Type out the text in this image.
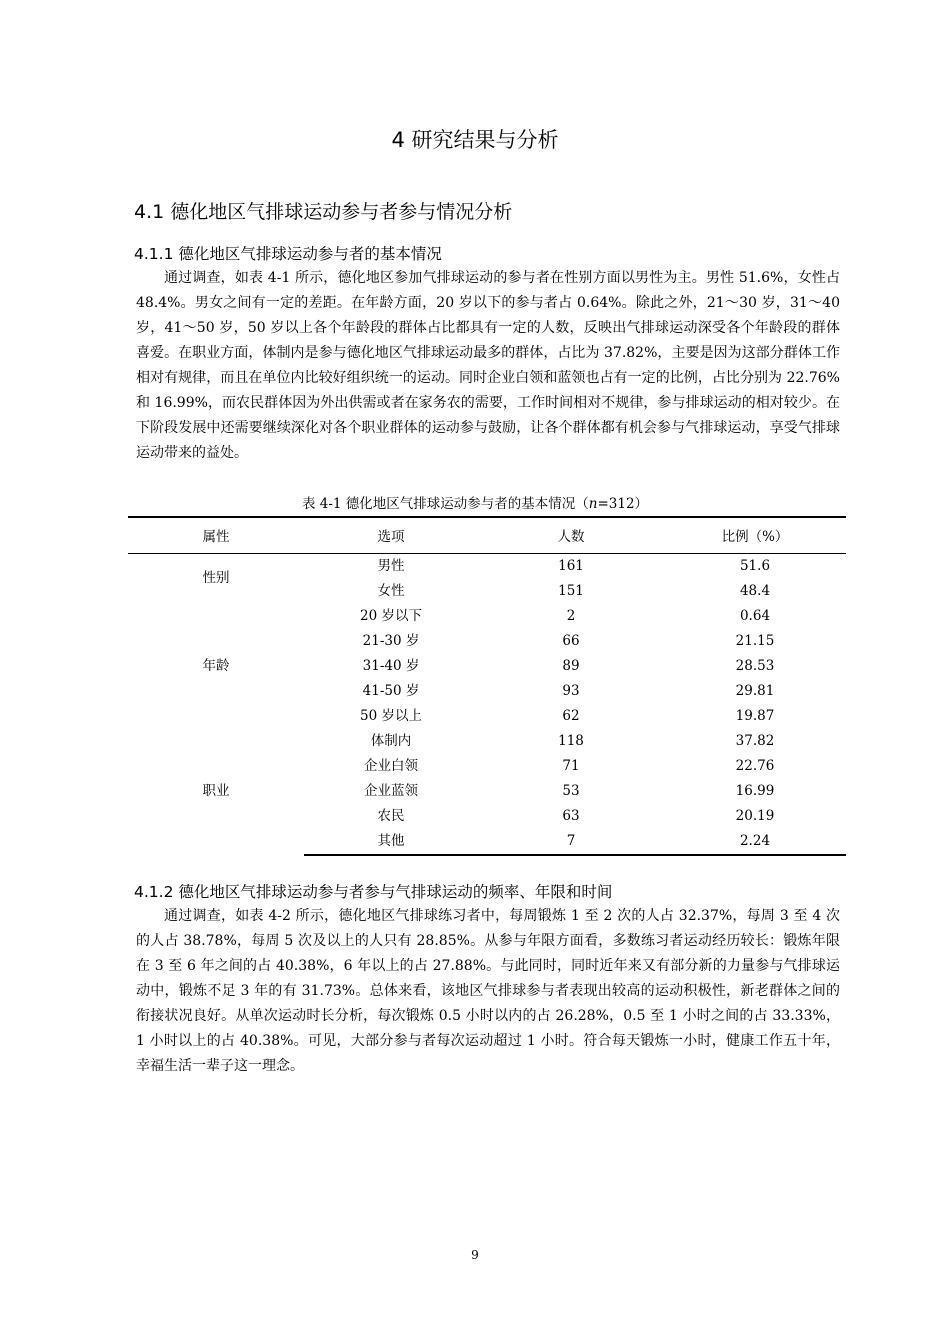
4 研究结果与分析
4.1 德化地区气排球运动参与者参与情况分析
4.1.1 德化地区气排球运动参与者的基本情况
通过调查，如表 4-1 所示，德化地区参加气排球运动的参与者在性别方面以男性为主。男性 51.6%，女性占 48.4%。男女之间有一定的差距。在年龄方面，20 岁以下的参与者占 0.64%。除此之外，21～30 岁，31～40 岁，41～50 岁，50 岁以上各个年龄段的群体占比都具有一定的人数，反映出气排球运动深受各个年龄段的群体喜爱。在职业方面，体制内是参与德化地区气排球运动最多的群体，占比为 37.82%，主要是因为这部分群体工作相对有规律，而且在单位内比较好组织统一的运动。同时企业白领和蓝领也占有一定的比例，占比分别为 22.76%和 16.99%，而农民群体因为外出供需或者在家务农的需要，工作时间相对不规律，参与排球运动的相对较少。在下阶段发展中还需要继续深化对各个职业群体的运动参与鼓励，让各个群体都有机会参与气排球运动，享受气排球运动带来的益处。
表 4-1 德化地区气排球运动参与者的基本情况（n=312）
属性	选项	人数	比例（%）
性别	男性	161	51.6
	女性	151	48.4
年龄	20 岁以下	2	0.64
	21-30 岁	66	21.15
	31-40 岁	89	28.53
	41-50 岁	93	29.81
	50 岁以上	62	19.87
职业	体制内	118	37.82
	企业白领	71	22.76
	企业蓝领	53	16.99
	农民	63	20.19
	其他	7	2.24
4.1.2 德化地区气排球运动参与者参与气排球运动的频率、年限和时间
通过调查，如表 4-2 所示，德化地区气排球练习者中，每周锻炼 1 至 2 次的人占 32.37%，每周 3 至 4 次的人占 38.78%，每周 5 次及以上的人只有 28.85%。从参与年限方面看，多数练习者运动经历较长：锻炼年限在 3 至 6 年之间的占 40.38%，6 年以上的占 27.88%。与此同时，同时近年来又有部分新的力量参与气排球运动中，锻炼不足 3 年的有 31.73%。总体来看，该地区气排球参与者表现出较高的运动积极性，新老群体之间的衔接状况良好。从单次运动时长分析，每次锻炼 0.5 小时以内的占 26.28%，0.5 至 1 小时之间的占 33.33%，1 小时以上的占 40.38%。可见，大部分参与者每次运动超过 1 小时。符合每天锻炼一小时，健康工作五十年，幸福生活一辈子这一理念。
9
